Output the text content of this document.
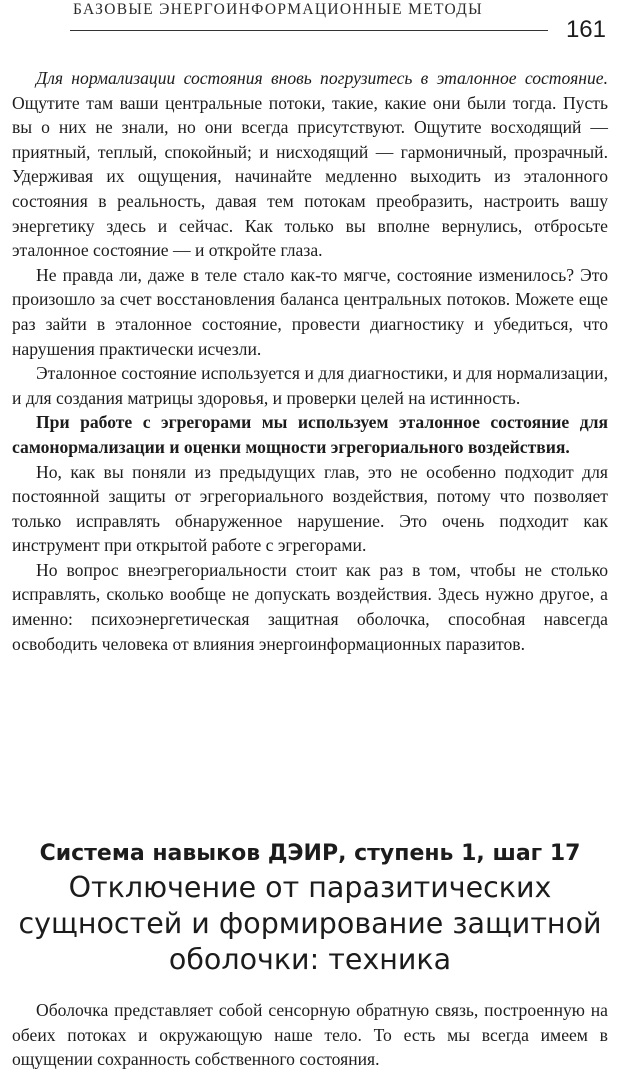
БАЗОВЫЕ ЭНЕРГОИНФОРМАЦИОННЫЕ МЕТОДЫ
161

Для нормализации состояния вновь погрузитесь в эталонное состояние. Ощутите там ваши центральные потоки, такие, какие они были тогда. Пусть вы о них не знали, но они всегда присутствуют. Ощутите восходящий — приятный, теплый, спокойный; и нисходящий — гармоничный, прозрачный. Удерживая их ощущения, начинайте медленно выходить из эталонного состояния в реальность, давая тем потокам преобразить, настроить вашу энергетику здесь и сейчас. Как только вы вполне вернулись, отбросьте эталонное состояние — и откройте глаза.

Не правда ли, даже в теле стало как-то мягче, состояние изменилось? Это произошло за счет восстановления баланса центральных потоков. Можете еще раз зайти в эталонное состояние, провести диагностику и убедиться, что нарушения практически исчезли.

Эталонное состояние используется и для диагностики, и для нормализации, и для создания матрицы здоровья, и проверки целей на истинность.

При работе с эгрегорами мы используем эталонное состояние для самонормализации и оценки мощности эгрегориального воздействия.

Но, как вы поняли из предыдущих глав, это не особенно подходит для постоянной защиты от эгрегориального воздействия, потому что позволяет только исправлять обнаруженное нарушение. Это очень подходит как инструмент при открытой работе с эгрегорами.

Но вопрос внеэгрегориальности стоит как раз в том, чтобы не столько исправлять, сколько вообще не допускать воздействия. Здесь нужно другое, а именно: психоэнергетическая защитная оболочка, способная навсегда освободить человека от влияния энергоинформационных паразитов.

Система навыков ДЭИР, ступень 1, шаг 17

Отключение от паразитических

сущностей и формирование защитной

оболочки: техника

Оболочка представляет собой сенсорную обратную связь, построенную на обеих потоках и окружающую наше тело. То есть мы всегда имеем в ощущении сохранность собственного состояния.
